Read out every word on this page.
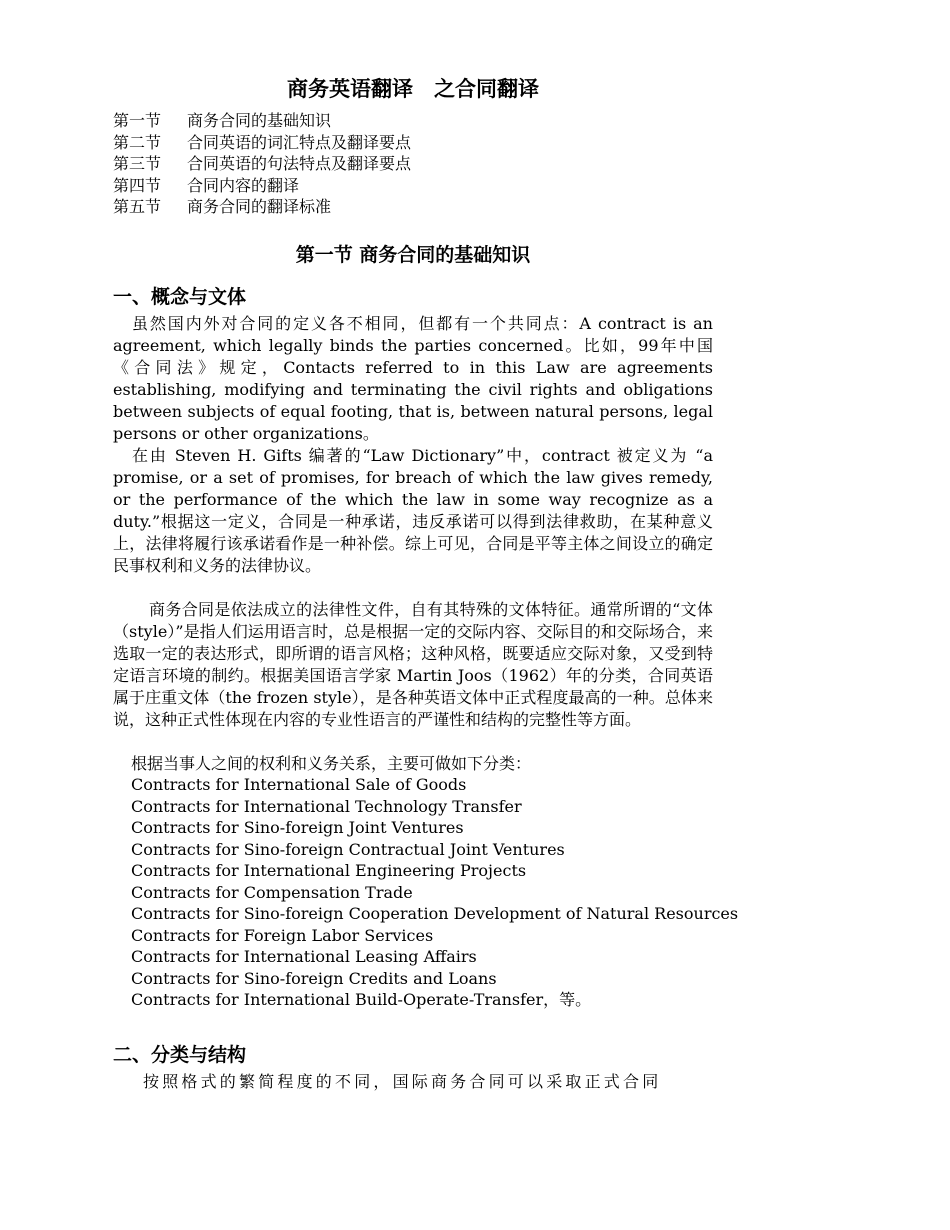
商务英语翻译　之合同翻译
第一节 商务合同的基础知识
第二节 合同英语的词汇特点及翻译要点
第三节 合同英语的句法特点及翻译要点
第四节 合同内容的翻译
第五节 商务合同的翻译标准
第一节 商务合同的基础知识
一、概念与文体

虽然国内外对合同的定义各不相同，但都有一个共同点：A contract is an agreement, which legally binds the parties concerned。比如，99年中国《合同法》规定，Contacts referred to in this Law are agreements establishing, modifying and terminating the civil rights and obligations between subjects of equal footing, that is, between natural persons, legal persons or other organizations。

在由 Steven H. Gifts 编著的“Law Dictionary”中，contract 被定义为 “a promise, or a set of promises, for breach of which the law gives remedy, or the performance of the which the law in some way recognize as a duty.”根据这一定义，合同是一种承诺，违反承诺可以得到法律救助，在某种意义上，法律将履行该承诺看作是一种补偿。综上可见，合同是平等主体之间设立的确定民事权利和义务的法律协议。

商务合同是依法成立的法律性文件，自有其特殊的文体特征。通常所谓的“文体（style）”是指人们运用语言时，总是根据一定的交际内容、交际目的和交际场合，来选取一定的表达形式，即所谓的语言风格；这种风格，既要适应交际对象，又受到特定语言环境的制约。根据美国语言学家 Martin Joos（1962）年的分类，合同英语属于庄重文体（the frozen style），是各种英语文体中正式程度最高的一种。总体来说，这种正式性体现在内容的专业性语言的严谨性和结构的完整性等方面。

根据当事人之间的权利和义务关系，主要可做如下分类：

Contracts for International Sale of Goods
Contracts for International Technology Transfer
Contracts for Sino-foreign Joint Ventures
Contracts for Sino-foreign Contractual Joint Ventures
Contracts for International Engineering Projects
Contracts for Compensation Trade
Contracts for Sino-foreign Cooperation Development of Natural Resources
Contracts for Foreign Labor Services
Contracts for International Leasing Affairs
Contracts for Sino-foreign Credits and Loans
Contracts for International Build-Operate-Transfer，等。
二、分类与结构

按照格式的繁简程度的不同，国际商务合同可以采取正式合同
